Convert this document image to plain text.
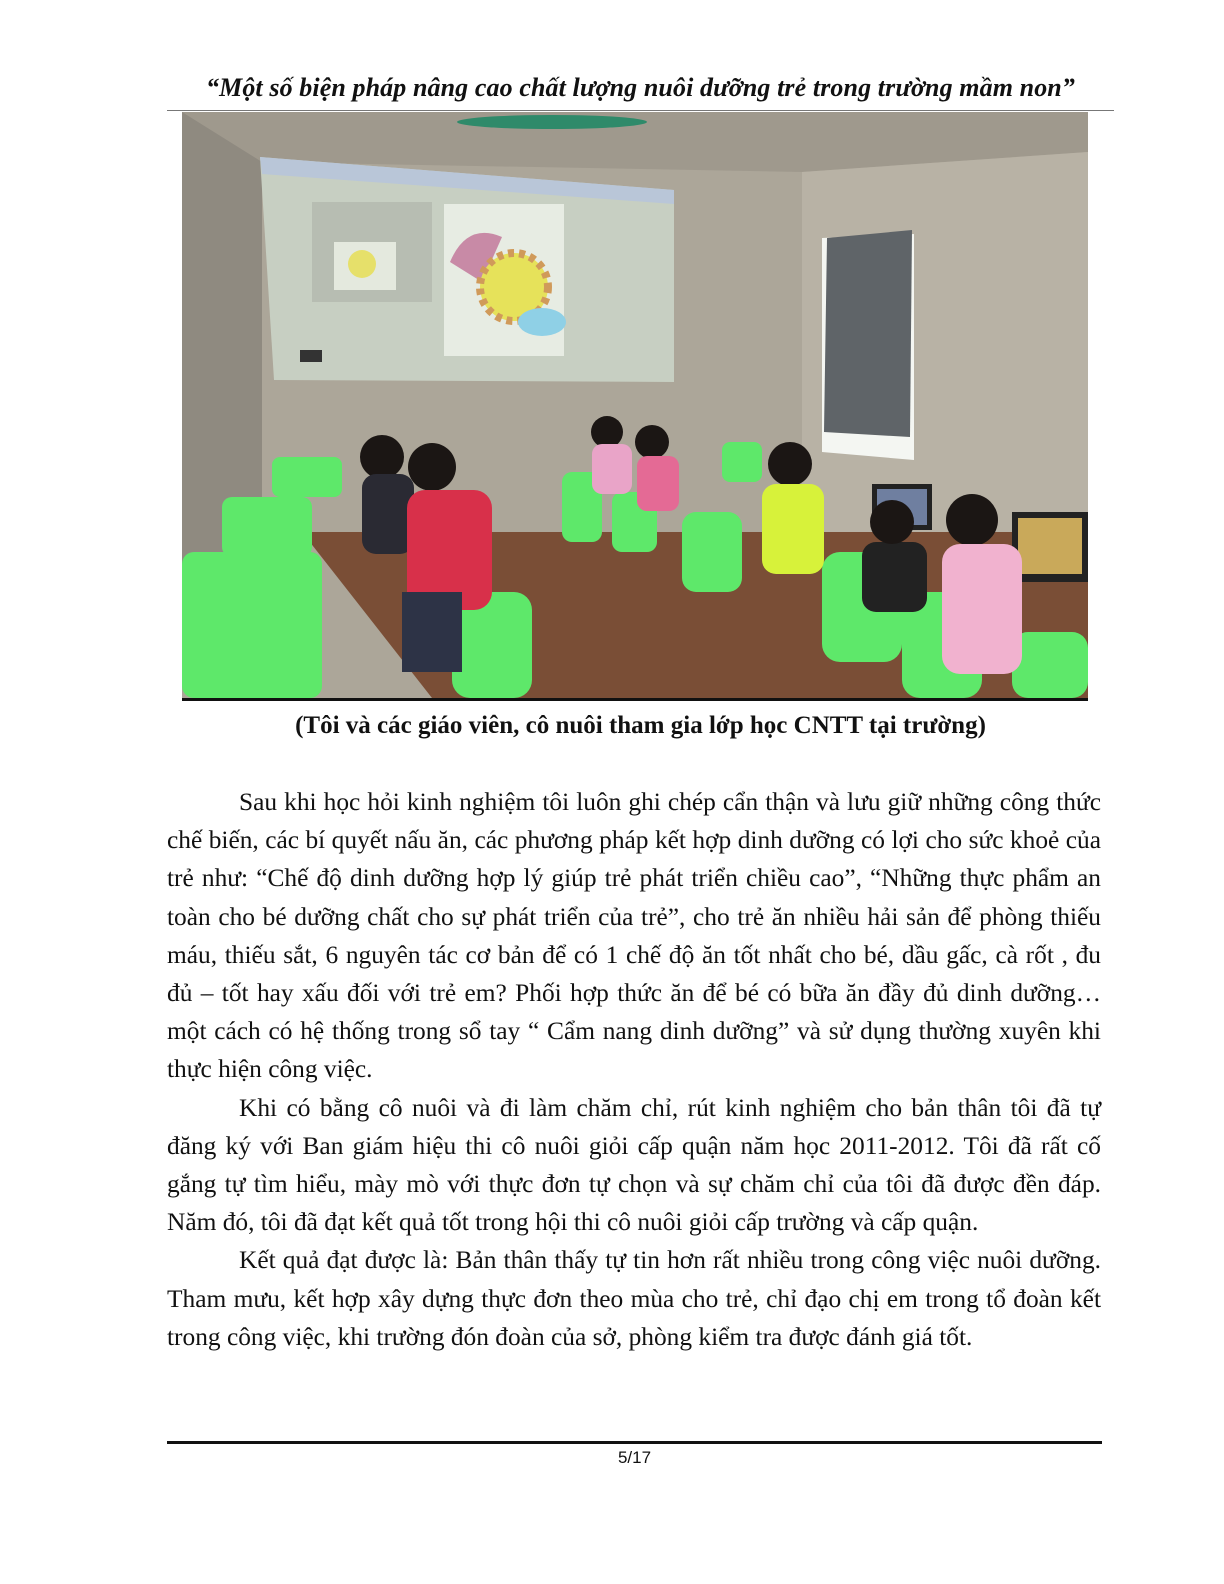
“Một số biện pháp nâng cao chất lượng nuôi dưỡng trẻ trong trường mầm non”
(Tôi và các giáo viên, cô nuôi tham gia lớp học CNTT tại trường)

Sau khi học hỏi kinh nghiệm tôi luôn ghi chép cẩn thận và lưu giữ những công thức chế biến, các bí quyết nấu ăn, các phương pháp kết hợp dinh dưỡng có lợi cho sức khoẻ của trẻ như: “Chế độ dinh dưỡng hợp lý giúp trẻ phát triển chiều cao”, “Những thực phẩm an toàn cho bé dưỡng chất cho sự phát triển của trẻ”, cho trẻ ăn nhiều hải sản để phòng thiếu máu, thiếu sắt, 6 nguyên tác cơ bản để có 1 chế độ ăn tốt nhất cho bé, dầu gấc, cà rốt , đu đủ – tốt hay xấu đối với trẻ em? Phối hợp thức ăn để bé có bữa ăn đầy đủ dinh dưỡng… một cách có hệ thống trong sổ tay “ Cẩm nang dinh dưỡng” và sử dụng thường xuyên khi thực hiện công việc.

Khi có bằng cô nuôi và đi làm chăm chỉ, rút kinh nghiệm cho bản thân tôi đã tự đăng ký với Ban giám hiệu thi cô nuôi giỏi cấp quận năm học 2011-2012. Tôi đã rất cố gắng tự tìm hiểu, mày mò với thực đơn tự chọn và sự chăm chỉ của tôi đã được đền đáp. Năm đó, tôi đã đạt kết quả tốt trong hội thi cô nuôi giỏi cấp trường và cấp quận.

Kết quả đạt được là: Bản thân thấy tự tin hơn rất nhiều trong công việc nuôi dưỡng. Tham mưu, kết hợp xây dựng thực đơn theo mùa cho trẻ, chỉ đạo chị em trong tổ đoàn kết trong công việc, khi trường đón đoàn của sở, phòng kiểm tra được đánh giá tốt.

5/17
